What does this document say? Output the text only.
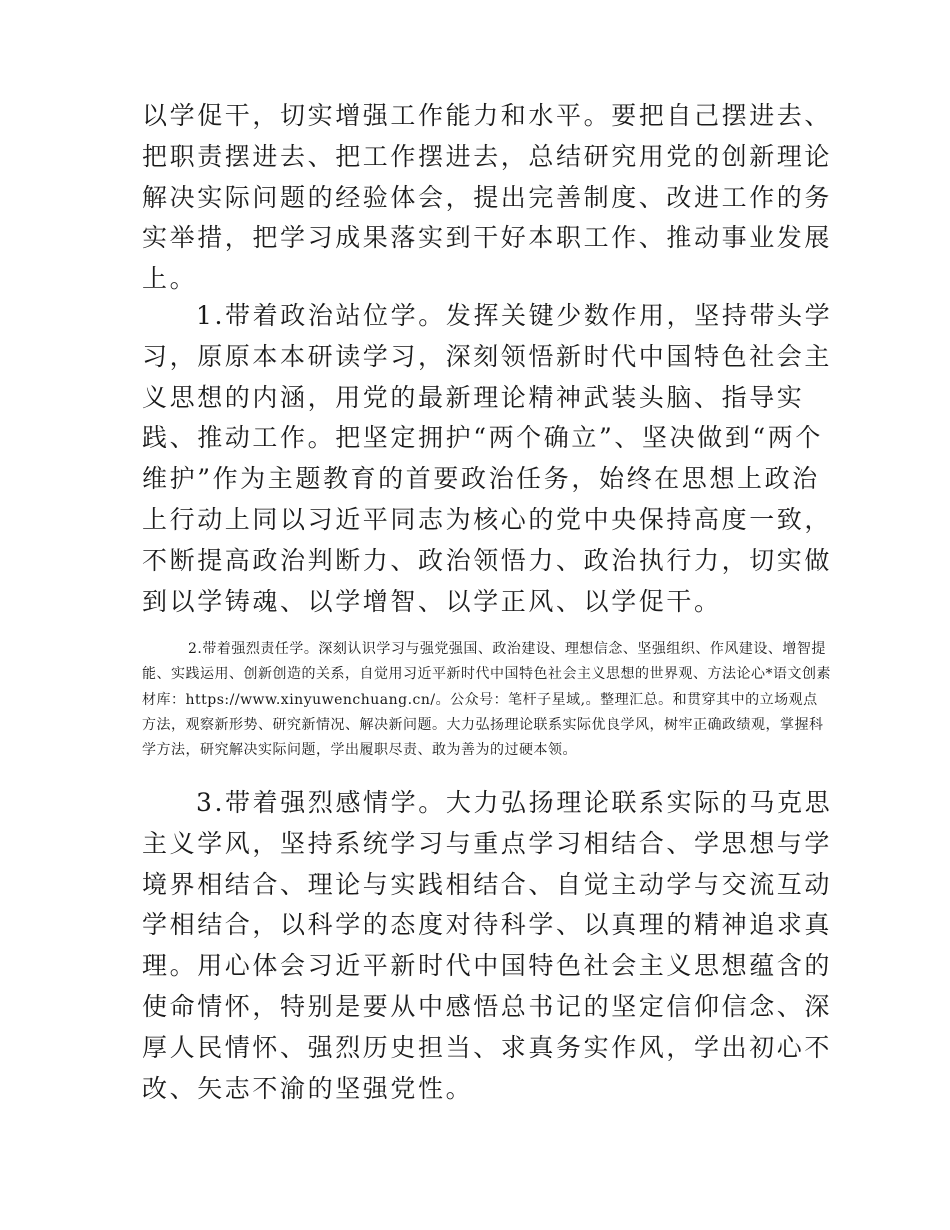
以学促干，切实增强工作能力和水平。要把自己摆进去、把职责摆进去、把工作摆进去，总结研究用党的创新理论解决实际问题的经验体会，提出完善制度、改进工作的务实举措，把学习成果落实到干好本职工作、推动事业发展上。

1.带着政治站位学。发挥关键少数作用，坚持带头学习，原原本本研读学习，深刻领悟新时代中国特色社会主义思想的内涵，用党的最新理论精神武装头脑、指导实践、推动工作。把坚定拥护“两个确立”、坚决做到“两个维护”作为主题教育的首要政治任务，始终在思想上政治上行动上同以习近平同志为核心的党中央保持高度一致，不断提高政治判断力、政治领悟力、政治执行力，切实做到以学铸魂、以学增智、以学正风、以学促干。

2.带着强烈责任学。深刻认识学习与强党强国、政治建设、理想信念、坚强组织、作风建设、增智提能、实践运用、创新创造的关系，自觉用习近平新时代中国特色社会主义思想的世界观、方法论心*语文创素材库：https://www.xinyuwenchuang.cn/。公众号：笔杆子星域,。整理汇总。和贯穿其中的立场观点方法，观察新形势、研究新情况、解决新问题。大力弘扬理论联系实际优良学风，树牢正确政绩观，掌握科学方法，研究解决实际问题，学出履职尽责、敢为善为的过硬本领。

3.带着强烈感情学。大力弘扬理论联系实际的马克思主义学风，坚持系统学习与重点学习相结合、学思想与学境界相结合、理论与实践相结合、自觉主动学与交流互动学相结合，以科学的态度对待科学、以真理的精神追求真理。用心体会习近平新时代中国特色社会主义思想蕴含的使命情怀，特别是要从中感悟总书记的坚定信仰信念、深厚人民情怀、强烈历史担当、求真务实作风，学出初心不改、矢志不渝的坚强党性。
